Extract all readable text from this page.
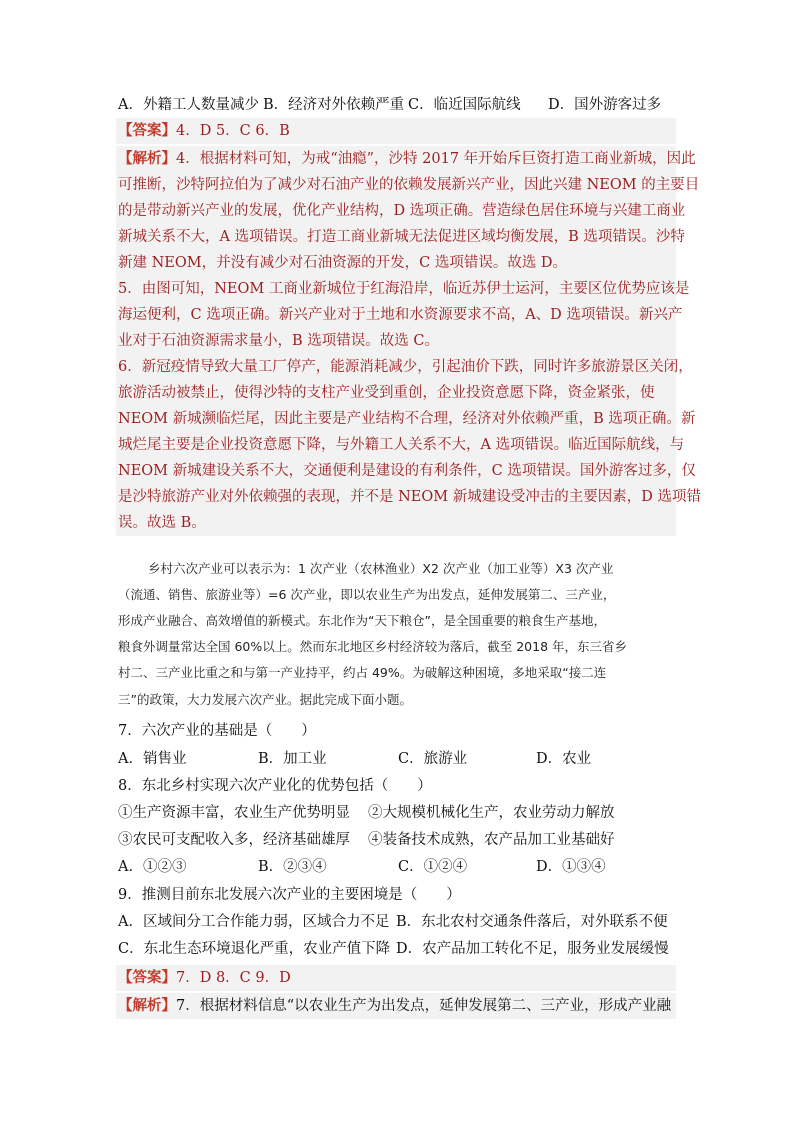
A．外籍工人数量减少 B．经济对外依赖严重 C．临近国际航线	D．国外游客过多
【答案】4．D 5．C 6．B
【解析】4．根据材料可知，为戒“油瘾”，沙特 2017 年开始斥巨资打造工商业新城，因此
可推断，沙特阿拉伯为了减少对石油产业的依赖发展新兴产业，因此兴建 NEOM 的主要目
的是带动新兴产业的发展，优化产业结构，D 选项正确。营造绿色居住环境与兴建工商业
新城关系不大，A 选项错误。打造工商业新城无法促进区域均衡发展，B 选项错误。沙特
新建 NEOM，并没有减少对石油资源的开发，C 选项错误。故选 D。
5．由图可知，NEOM 工商业新城位于红海沿岸，临近苏伊士运河，主要区位优势应该是
海运便利，C 选项正确。新兴产业对于土地和水资源要求不高，A、D 选项错误。新兴产
业对于石油资源需求量小，B 选项错误。故选 C。
6．新冠疫情导致大量工厂停产，能源消耗减少，引起油价下跌，同时许多旅游景区关闭，
旅游活动被禁止，使得沙特的支柱产业受到重创，企业投资意愿下降，资金紧张，使
NEOM 新城濒临烂尾，因此主要是产业结构不合理，经济对外依赖严重，B 选项正确。新
城烂尾主要是企业投资意愿下降，与外籍工人关系不大，A 选项错误。临近国际航线，与
NEOM 新城建设关系不大，交通便利是建设的有利条件，C 选项错误。国外游客过多，仅
是沙特旅游产业对外依赖强的表现，并不是 NEOM 新城建设受冲击的主要因素，D 选项错
误。故选 B。
乡村六次产业可以表示为：1 次产业（农林渔业）X2 次产业（加工业等）X3 次产业
（流通、销售、旅游业等）=6 次产业，即以农业生产为出发点，延伸发展第二、三产业，
形成产业融合、高效增值的新模式。东北作为“天下粮仓”，是全国重要的粮食生产基地，
粮食外调量常达全国 60%以上。然而东北地区乡村经济较为落后，截至 2018 年，东三省乡
村二、三产业比重之和与第一产业持平，约占 49%。为破解这种困境，多地采取“接二连
三”的政策，大力发展六次产业。据此完成下面小题。
7．六次产业的基础是（　　）
A．销售业	B．加工业	C．旅游业	D．农业
8．东北乡村实现六次产业化的优势包括（　　）
①生产资源丰富，农业生产优势明显	②大规模机械化生产，农业劳动力解放
③农民可支配收入多，经济基础雄厚	④装备技术成熟，农产品加工业基础好
A．①②③	B．②③④	C．①②④	D．①③④
9．推测目前东北发展六次产业的主要困境是（　　）
A．区域间分工合作能力弱，区域合力不足 B．东北农村交通条件落后，对外联系不便
C．东北生态环境退化严重，农业产值下降 D．农产品加工转化不足，服务业发展缓慢
【答案】7．D 8．C 9．D
【解析】7．根据材料信息“以农业生产为出发点，延伸发展第二、三产业，形成产业融
